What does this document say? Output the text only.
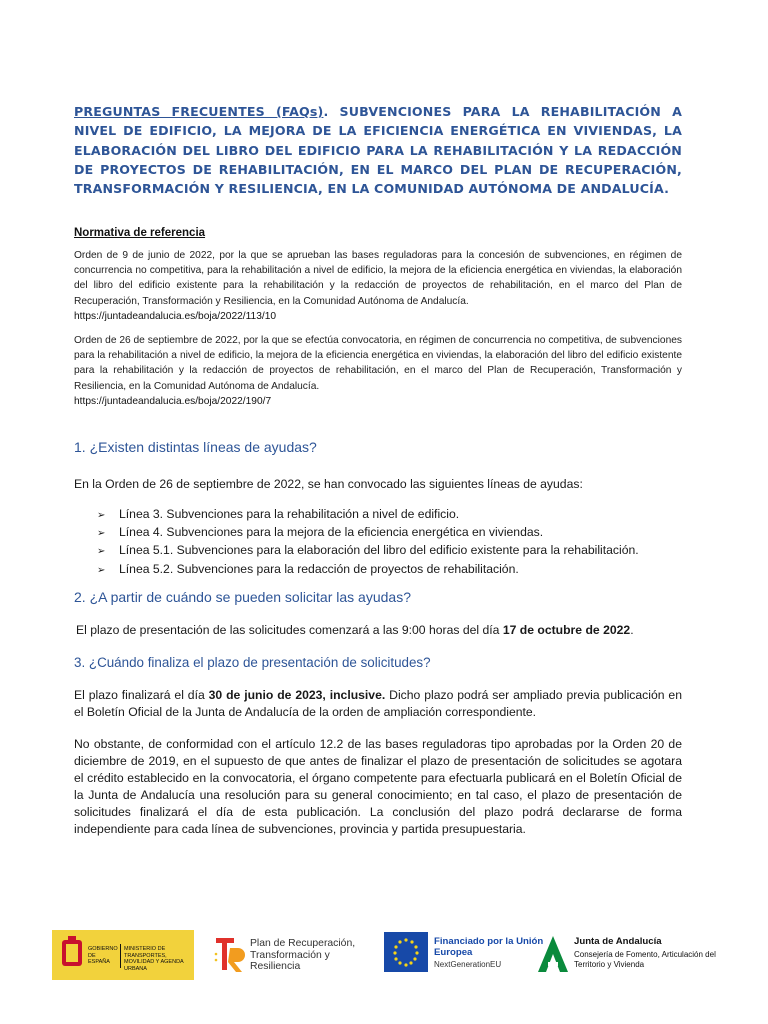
PREGUNTAS FRECUENTES (FAQs). SUBVENCIONES PARA LA REHABILITACIÓN A NIVEL DE EDIFICIO, LA MEJORA DE LA EFICIENCIA ENERGÉTICA EN VIVIENDAS, LA ELABORACIÓN DEL LIBRO DEL EDIFICIO PARA LA REHABILITACIÓN Y LA REDACCIÓN DE PROYECTOS DE REHABILITACIÓN, EN EL MARCO DEL PLAN DE RECUPERACIÓN, TRANSFORMACIÓN Y RESILIENCIA, EN LA COMUNIDAD AUTÓNOMA DE ANDALUCÍA.
Normativa de referencia
Orden de 9 de junio de 2022, por la que se aprueban las bases reguladoras para la concesión de subvenciones, en régimen de concurrencia no competitiva, para la rehabilitación a nivel de edificio, la mejora de la eficiencia energética en viviendas, la elaboración del libro del edificio existente para la rehabilitación y la redacción de proyectos de rehabilitación, en el marco del Plan de Recuperación, Transformación y Resiliencia, en la Comunidad Autónoma de Andalucía.
https://juntadeandalucia.es/boja/2022/113/10
Orden de 26 de septiembre de 2022, por la que se efectúa convocatoria, en régimen de concurrencia no competitiva, de subvenciones para la rehabilitación a nivel de edificio, la mejora de la eficiencia energética en viviendas, la elaboración del libro del edificio existente para la rehabilitación y la redacción de proyectos de rehabilitación, en el marco del Plan de Recuperación, Transformación y Resiliencia, en la Comunidad Autónoma de Andalucía.
https://juntadeandalucia.es/boja/2022/190/7
1. ¿Existen distintas líneas de ayudas?
En la Orden de 26 de septiembre de 2022, se han convocado las siguientes líneas de ayudas:
➢	Línea 3. Subvenciones para la rehabilitación a nivel de edificio.
➢	Línea 4. Subvenciones para la mejora de la eficiencia energética en viviendas.
➢	Línea 5.1. Subvenciones para la elaboración del libro del edificio existente para la rehabilitación.
➢	Línea 5.2. Subvenciones para la redacción de proyectos de rehabilitación.
2. ¿A partir de cuándo se pueden solicitar las ayudas?
El plazo de presentación de las solicitudes comenzará a las 9:00 horas del día 17 de octubre de 2022.
3. ¿Cuándo finaliza el plazo de presentación de solicitudes?
El plazo finalizará el día 30 de junio de 2023, inclusive. Dicho plazo podrá ser ampliado previa publicación en el Boletín Oficial de la Junta de Andalucía de la orden de ampliación correspondiente.
No obstante, de conformidad con el artículo 12.2 de las bases reguladoras tipo aprobadas por la Orden 20 de diciembre de 2019, en el supuesto de que antes de finalizar el plazo de presentación de solicitudes se agotara el crédito establecido en la convocatoria, el órgano competente para efectuarla publicará en el Boletín Oficial de la Junta de Andalucía una resolución para su general conocimiento; en tal caso, el plazo de presentación de solicitudes finalizará el día de esta publicación. La conclusión del plazo podrá declararse de forma independiente para cada línea de subvenciones, provincia y partida presupuestaria.
GOBIERNO DE ESPAÑA
MINISTERIO DE TRANSPORTES, MOVILIDAD Y AGENDA URBANA
Plan de Recuperación, Transformación y Resiliencia
Financiado por la Unión Europea
NextGenerationEU
Junta de Andalucía
Consejería de Fomento, Articulación del Territorio y Vivienda
